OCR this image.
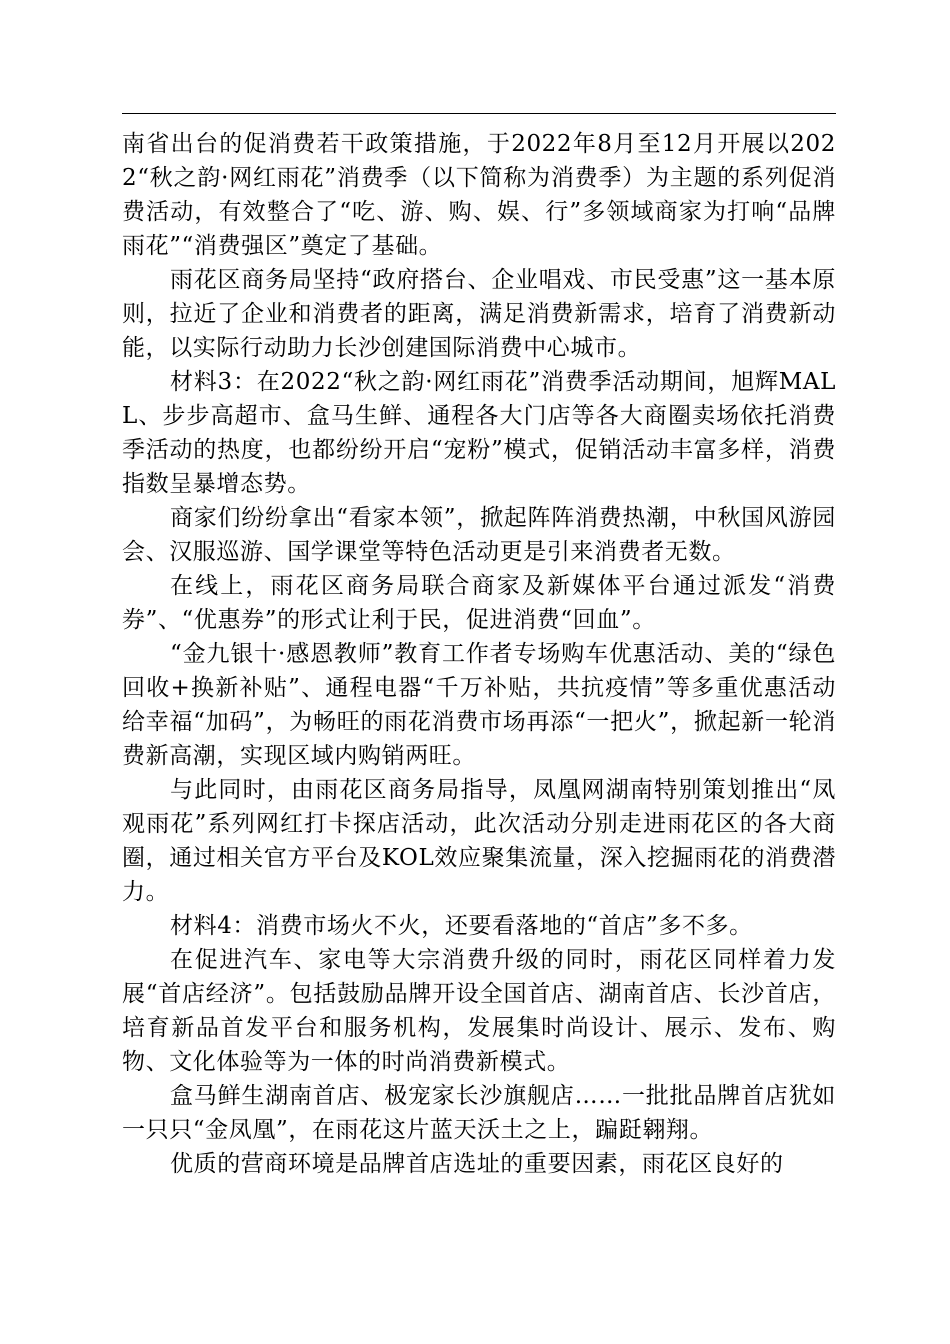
南省出台的促消费若干政策措施，于2022年8月至12月开展以2022“秋之韵·网红雨花”消费季（以下简称为消费季）为主题的系列促消费活动，有效整合了“吃、游、购、娱、行”多领域商家为打响“品牌雨花”“消费强区”奠定了基础。

雨花区商务局坚持“政府搭台、企业唱戏、市民受惠”这一基本原则，拉近了企业和消费者的距离，满足消费新需求，培育了消费新动能，以实际行动助力长沙创建国际消费中心城市。

材料3：在2022“秋之韵·网红雨花”消费季活动期间，旭辉MALL、步步高超市、盒马生鲜、通程各大门店等各大商圈卖场依托消费季活动的热度，也都纷纷开启“宠粉”模式，促销活动丰富多样，消费指数呈暴增态势。

商家们纷纷拿出“看家本领”，掀起阵阵消费热潮，中秋国风游园会、汉服巡游、国学课堂等特色活动更是引来消费者无数。

在线上，雨花区商务局联合商家及新媒体平台通过派发“消费券”、“优惠券”的形式让利于民，促进消费“回血”。

“金九银十·感恩教师”教育工作者专场购车优惠活动、美的“绿色回收+换新补贴”、通程电器“千万补贴，共抗疫情”等多重优惠活动给幸福“加码”，为畅旺的雨花消费市场再添“一把火”，掀起新一轮消费新高潮，实现区域内购销两旺。

与此同时，由雨花区商务局指导，凤凰网湖南特别策划推出“凤观雨花”系列网红打卡探店活动，此次活动分别走进雨花区的各大商圈，通过相关官方平台及KOL效应聚集流量，深入挖掘雨花的消费潜力。

材料4：消费市场火不火，还要看落地的“首店”多不多。

在促进汽车、家电等大宗消费升级的同时，雨花区同样着力发展“首店经济”。包括鼓励品牌开设全国首店、湖南首店、长沙首店，培育新品首发平台和服务机构，发展集时尚设计、展示、发布、购物、文化体验等为一体的时尚消费新模式。

盒马鲜生湖南首店、极宠家长沙旗舰店……一批批品牌首店犹如一只只“金凤凰”，在雨花这片蓝天沃土之上，蹁跹翱翔。

优质的营商环境是品牌首店选址的重要因素，雨花区良好的
